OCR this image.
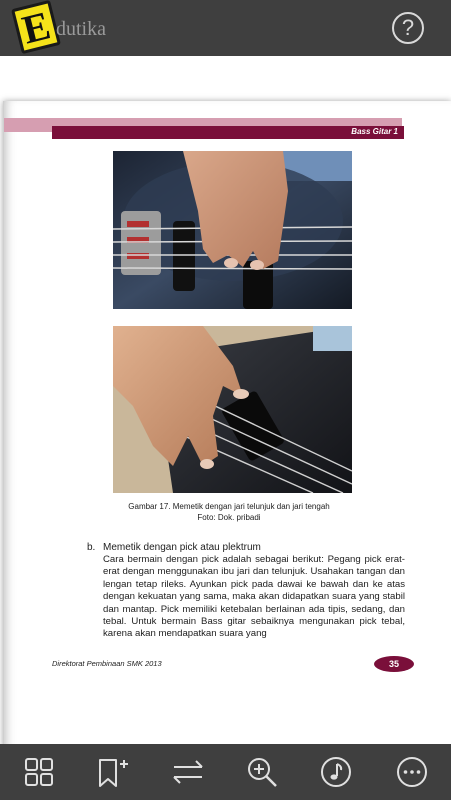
E dutika	?
Bass Gitar 1
Gambar 17. Memetik dengan jari telunjuk dan jari tengah
Foto: Dok. pribadi
b. Memetik dengan pick atau plektrum
Cara bermain dengan pick adalah sebagai berikut: Pegang pick erat-erat dengan menggunakan ibu jari dan telunjuk. Usahakan tangan dan lengan tetap rileks. Ayunkan pick pada dawai ke bawah dan ke atas dengan kekuatan yang sama, maka akan didapatkan suara yang stabil dan mantap. Pick memiliki ketebalan berlainan ada tipis, sedang, dan tebal. Untuk bermain Bass gitar sebaiknya mengunakan pick tebal, karena akan mendapatkan suara yang
Direktorat Pembinaan SMK 2013	35
